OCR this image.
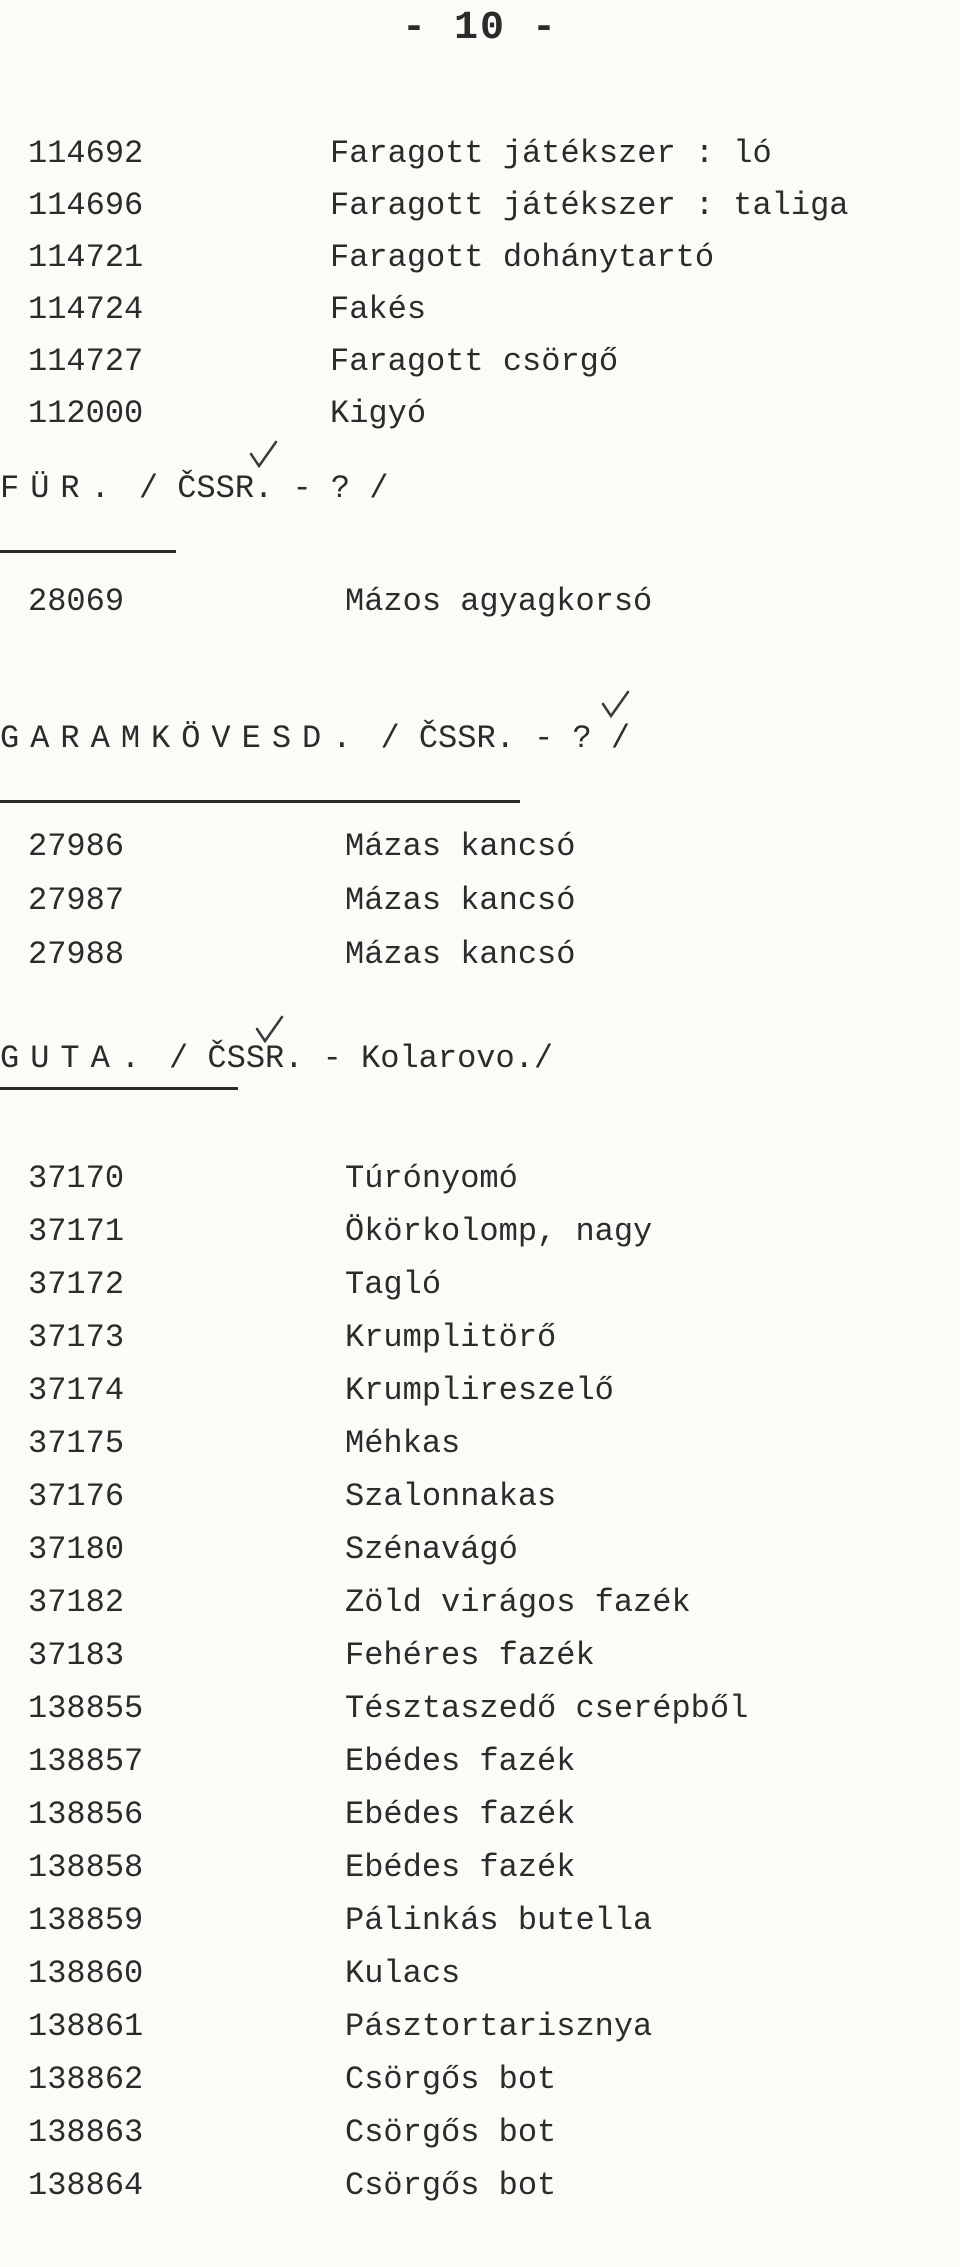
- 10 -
114692	Faragott játékszer : ló
114696	Faragott játékszer : taliga
114721	Faragott dohánytartó
114724	Fakés
114727	Faragott csörgő
112000	Kigyó
FÜR. / ČSSR. - ? /
28069	Mázos agyagkorsó
GARAMKÖVESD. / ČSSR. - ? /
27986	Mázas kancsó
27987	Mázas kancsó
27988	Mázas kancsó
GUTA. / ČSSR. - Kolarovo./
37170	Túrónyomó
37171	Ökörkolomp, nagy
37172	Tagló
37173	Krumplitörő
37174	Krumplireszelő
37175	Méhkas
37176	Szalonnakas
37180	Szénavágó
37182	Zöld virágos fazék
37183	Fehéres fazék
138855	Tésztaszedő cserépből
138857	Ebédes fazék
138856	Ebédes fazék
138858	Ebédes fazék
138859	Pálinkás butella
138860	Kulacs
138861	Pásztortarisznya
138862	Csörgős bot
138863	Csörgős bot
138864	Csörgős bot
